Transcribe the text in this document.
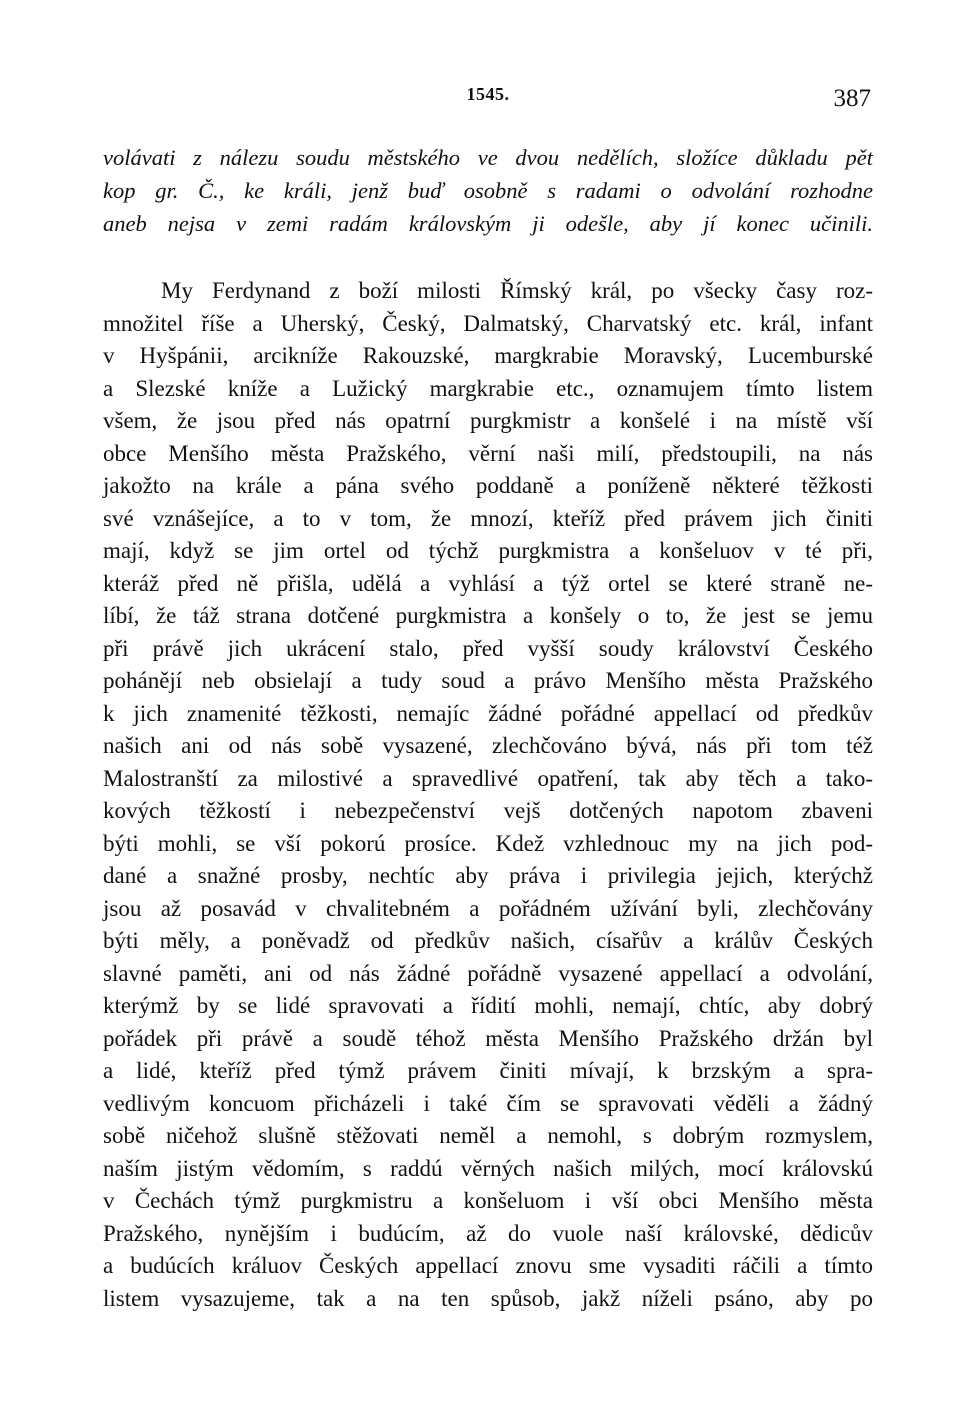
1545.	387
volávati z nálezu soudu městského ve dvou nedělích, složíce důkladu pět
kop gr. Č., ke králi, jenž buď osobně s radami o odvolání rozhodne
aneb nejsa v zemi radám královským ji odešle, aby jí konec učinili.
My Ferdynand z boží milosti Římský král, po všecky časy roz-
množitel říše a Uherský, Český, Dalmatský, Charvatský etc. král, infant
v Hyšpánii, arcikníže Rakouzské, margkrabie Moravský, Lucemburské
a Slezské kníže a Lužický margkrabie etc., oznamujem tímto listem
všem, že jsou před nás opatrní purgkmistr a konšelé i na místě vší
obce Menšího města Pražského, věrní naši milí, předstoupili, na nás
jakožto na krále a pána svého poddaně a poníženě některé těžkosti
své vznášejíce, a to v tom, že mnozí, kteříž před právem jich činiti
mají, když se jim ortel od týchž purgkmistra a konšeluov v té při,
kteráž před ně přišla, udělá a vyhlásí a týž ortel se které straně ne-
líbí, že táž strana dotčené purgkmistra a konšely o to, že jest se jemu
při právě jich ukrácení stalo, před vyšší soudy království Českého
pohánějí neb obsielají a tudy soud a právo Menšího města Pražského
k jich znamenité těžkosti, nemajíc žádné pořádné appellací od předkův
našich ani od nás sobě vysazené, zlechčováno bývá, nás při tom též
Malostranští za milostivé a spravedlivé opatření, tak aby těch a tako-
kových těžkostí i nebezpečenství vejš dotčených napotom zbaveni
býti mohli, se vší pokorú prosíce. Kdež vzhlednouc my na jich pod-
dané a snažné prosby, nechtíc aby práva i privilegia jejich, kterýchž
jsou až posavád v chvalitebném a pořádném užívání byli, zlechčovány
býti měly, a poněvadž od předkův našich, císařův a králův Českých
slavné paměti, ani od nás žádné pořádně vysazené appellací a odvolání,
kterýmž by se lidé spravovati a řídití mohli, nemají, chtíc, aby dobrý
pořádek při právě a soudě téhož města Menšího Pražského držán byl
a lidé, kteříž před týmž právem činiti mívají, k brzským a spra-
vedlivým koncuom přicházeli i také čím se spravovati věděli a žádný
sobě ničehož slušně stěžovati neměl a nemohl, s dobrým rozmyslem,
naším jistým vědomím, s raddú věrných našich milých, mocí královskú
v Čechách týmž purgkmistru a konšeluom i vší obci Menšího města
Pražského, nynějším i budúcím, až do vuole naší královské, dědicův
a budúcích králuov Českých appellací znovu sme vysaditi ráčili a tímto
listem vysazujeme, tak a na ten spůsob, jakž níželi psáno, aby po
